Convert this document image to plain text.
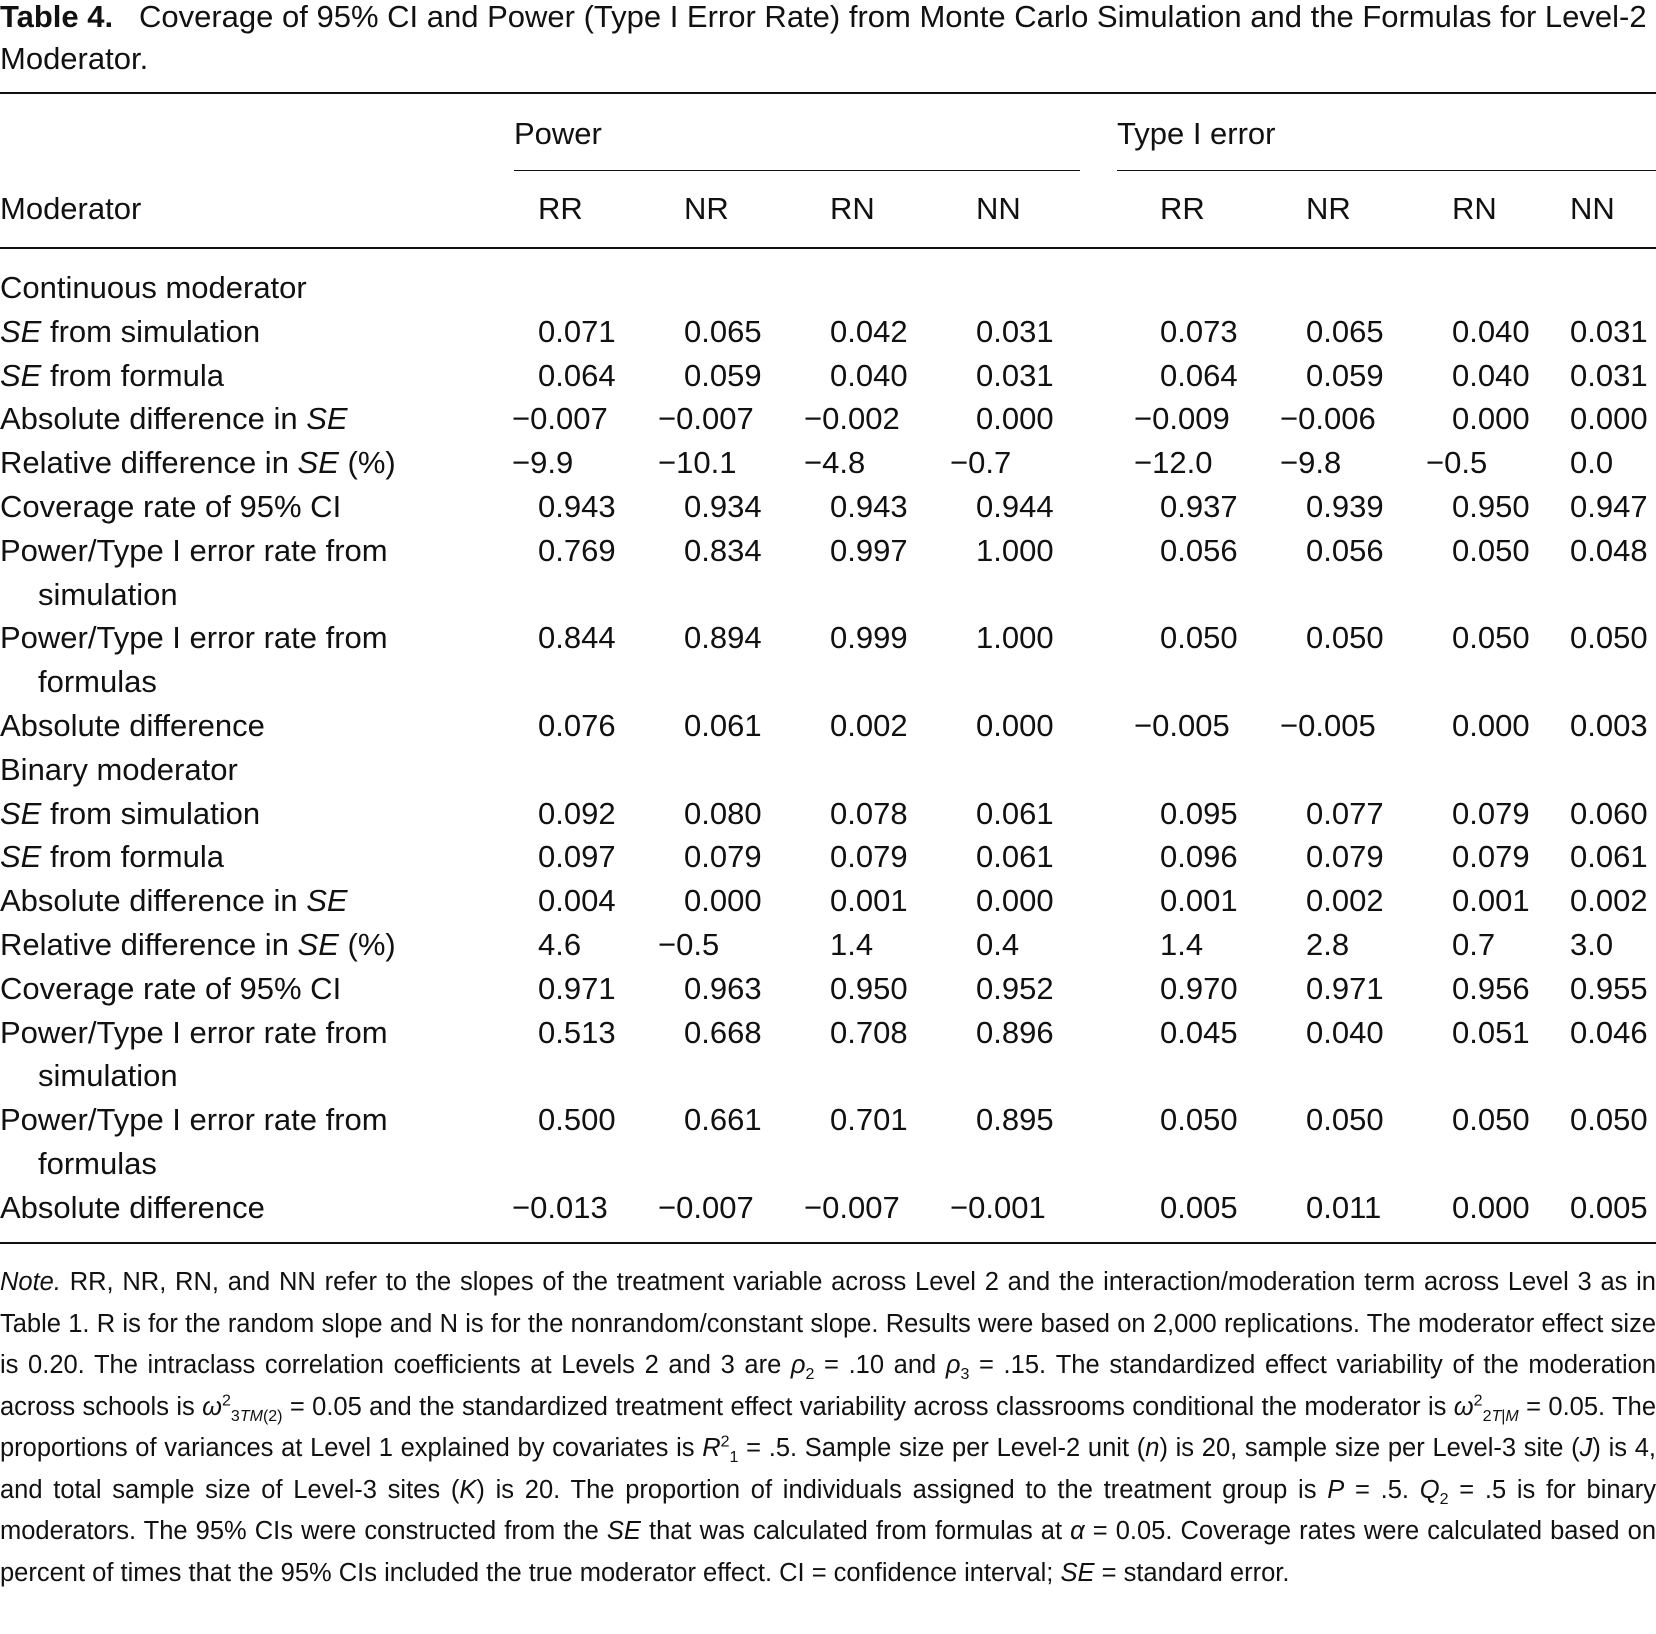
Table 4. Coverage of 95% CI and Power (Type I Error Rate) from Monte Carlo Simulation and the Formulas for Level-2 Moderator.
Power	Type I error
Moderator	RR	NR	RN	NN	RR	NR	RN NN
Continuous moderator
SE from simulation	0.071 0.065 0.042 0.031	0.073 0.065 0.040 0.031
SE from formula	0.064 0.059 0.040 0.031	0.064 0.059 0.040 0.031
Absolute difference in SE	−0.007 −0.007 −0.002 0.000	−0.009 −0.006 0.000 0.000
Relative difference in SE (%)	−9.9	−10.1 −4.8	−0.7	−12.0 −9.8	−0.5	0.0
Coverage rate of 95% CI	0.943 0.934 0.943 0.944	0.937 0.939 0.950 0.947
Power/Type I error rate from	0.769 0.834 0.997 1.000	0.056 0.056 0.050 0.048
simulation
Power/Type I error rate from	0.844 0.894 0.999 1.000	0.050 0.050 0.050 0.050
formulas
Absolute difference	0.076 0.061 0.002 0.000	−0.005 −0.005 0.000 0.003
Binary moderator
SE from simulation	0.092 0.080 0.078 0.061	0.095 0.077 0.079 0.060
SE from formula	0.097 0.079 0.079 0.061	0.096 0.079 0.079 0.061
Absolute difference in SE	0.004 0.000 0.001 0.000	0.001 0.002 0.001 0.002
Relative difference in SE (%)	4.6 −0.5	1.4	0.4	1.4	2.8	0.7 3.0
Coverage rate of 95% CI	0.971 0.963 0.950 0.952	0.970 0.971 0.956 0.955
Power/Type I error rate from	0.513 0.668 0.708 0.896	0.045 0.040 0.051 0.046
simulation
Power/Type I error rate from	0.500 0.661 0.701 0.895	0.050 0.050 0.050 0.050
formulas
Absolute difference	−0.013 −0.007 −0.007 −0.001	0.005 0.011 0.000 0.005
Note. RR, NR, RN, and NN refer to the slopes of the treatment variable across Level 2 and the interaction/moderation term across Level 3 as in Table 1. R is for the random slope and N is for the nonrandom/constant slope. Results were based on 2,000 replications. The moderator effect size is 0.20. The intraclass correlation coefficients at Levels 2 and 3 are $\rho_2 = .10$ and $\rho_3 = .15$. The standardized effect variability of the moderation across schools is $\omega^2_{3TM(2)} = 0.05$ and the standardized treatment effect variability across classrooms conditional the moderator is $\omega^2_{2T|M} = 0.05$. The proportions of variances at Level 1 explained by covariates is $R^2_1 = .5$. Sample size per Level-2 unit (n) is 20, sample size per Level-3 site (J) is 4, and total sample size of Level-3 sites (K) is 20. The proportion of individuals assigned to the treatment group is P = .5. $Q_2 = .5$ is for binary moderators. The 95% CIs were constructed from the SE that was calculated from formulas at α = 0.05. Coverage rates were calculated based on percent of times that the 95% CIs included the true moderator effect. CI = confidence interval; SE = standard error.
